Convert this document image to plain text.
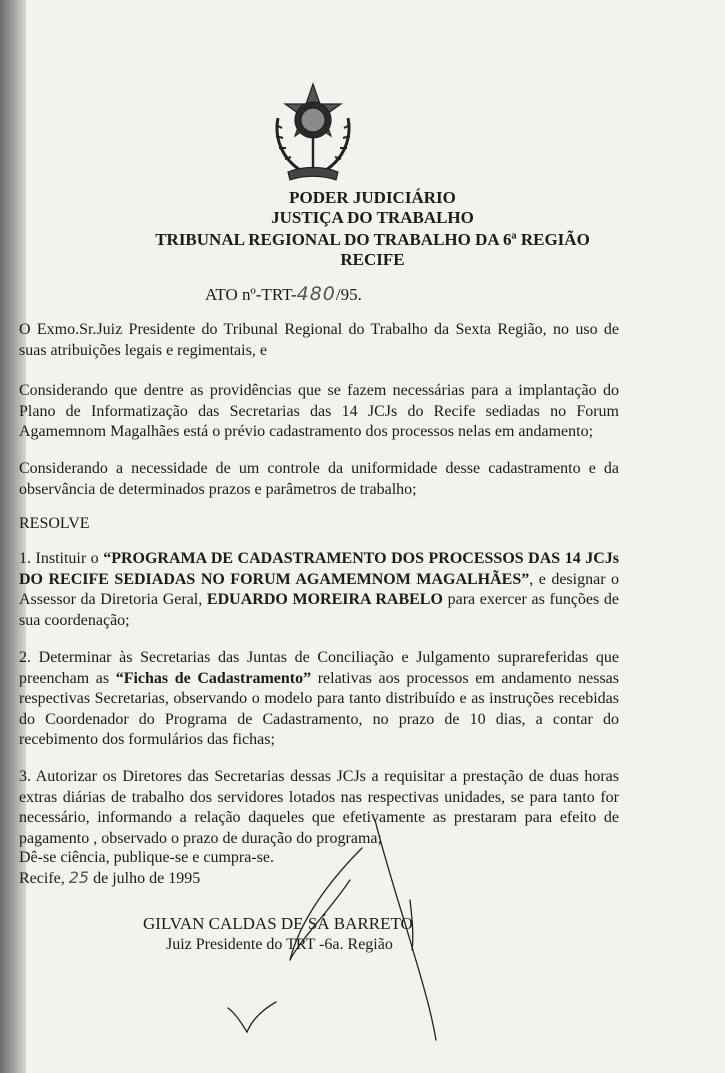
PODER JUDICIÁRIO
JUSTIÇA DO TRABALHO
TRIBUNAL REGIONAL DO TRABALHO DA 6ª REGIÃO
RECIFE
ATO nº-TRT-480/95.
O Exmo.Sr.Juiz Presidente do Tribunal Regional do Trabalho da Sexta Região, no uso de suas atribuições legais e regimentais, e
Considerando que dentre as providências que se fazem necessárias para a implantação do Plano de Informatização das Secretarias das 14 JCJs do Recife sediadas no Forum Agamemnom Magalhães está o prévio cadastramento dos processos nelas em andamento;
Considerando a necessidade de um controle da uniformidade desse cadastramento e da observância de determinados prazos e parâmetros de trabalho;
RESOLVE
1. Instituir o “PROGRAMA DE CADASTRAMENTO DOS PROCESSOS DAS 14 JCJs DO RECIFE SEDIADAS NO FORUM AGAMEMNOM MAGALHÃES”, e designar o Assessor da Diretoria Geral, EDUARDO MOREIRA RABELO para exercer as funções de sua coordenação;
2. Determinar às Secretarias das Juntas de Conciliação e Julgamento suprareferidas que preencham as “Fichas de Cadastramento” relativas aos processos em andamento nessas respectivas Secretarias, observando o modelo para tanto distribuído e as instruções recebidas do Coordenador do Programa de Cadastramento, no prazo de 10 dias, a contar do recebimento dos formulários das fichas;
3. Autorizar os Diretores das Secretarias dessas JCJs a requisitar a prestação de duas horas extras diárias de trabalho dos servidores lotados nas respectivas unidades, se para tanto for necessário, informando a relação daqueles que efetivamente as prestaram para efeito de pagamento , observado o prazo de duração do programa;
Dê-se ciência, publique-se e cumpra-se.
Recife, 25 de julho de 1995
GILVAN CALDAS DE SÁ BARRETO
Juiz Presidente do TRT -6a. Região
